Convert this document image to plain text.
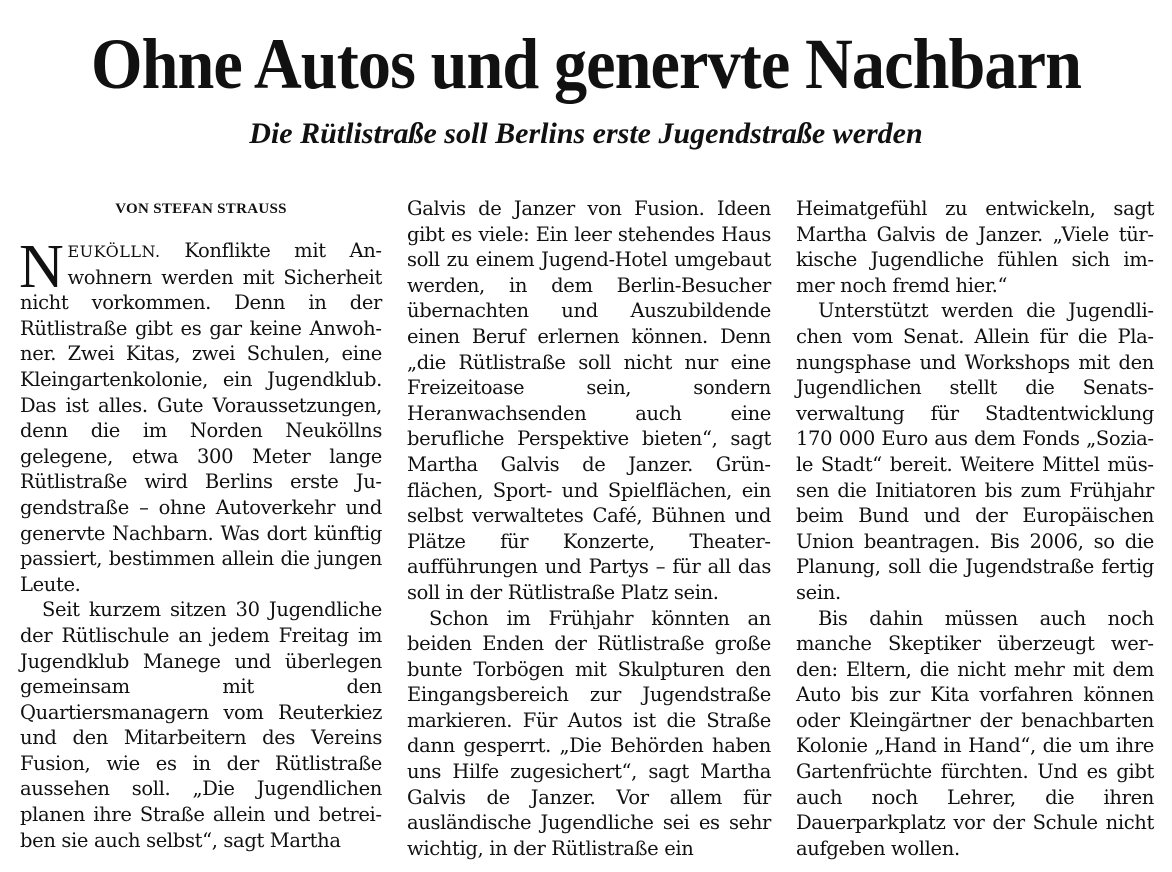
Ohne Autos und genervte Nachbarn
Die Rütlistraße soll Berlins erste Jugendstraße werden
VON STEFAN STRAUSS

NEUKÖLLN. Konflikte mit Anwohnern werden mit Sicherheit nicht vorkommen. Denn in der Rütlistraße gibt es gar keine Anwohner. Zwei Kitas, zwei Schulen, eine Kleingartenkolonie, ein Jugendklub. Das ist alles. Gute Voraussetzungen, denn die im Norden Neuköllns gelegene, etwa 300 Meter lange Rütlistraße wird Berlins erste Jugendstraße – ohne Autoverkehr und genervte Nachbarn. Was dort künftig passiert, bestimmen allein die jungen Leute.

Seit kurzem sitzen 30 Jugendliche der Rütlischule an jedem Freitag im Jugendklub Manege und überlegen gemeinsam mit den Quartiersmanagern vom Reuterkiez und den Mitarbeitern des Vereins Fusion, wie es in der Rütlistraße aussehen soll. „Die Jugendlichen planen ihre Straße allein und betreiben sie auch selbst“, sagt Martha

Galvis de Janzer von Fusion. Ideen gibt es viele: Ein leer stehendes Haus soll zu einem Jugend-Hotel umgebaut werden, in dem Berlin-Besucher übernachten und Auszubildende einen Beruf erlernen können. Denn „die Rütlistraße soll nicht nur eine Freizeitoase sein, sondern Heranwachsenden auch eine berufliche Perspektive bieten“, sagt Martha Galvis de Janzer. Grünflächen, Sport- und Spielflächen, ein selbst verwaltetes Café, Bühnen und Plätze für Konzerte, Theateraufführungen und Partys – für all das soll in der Rütlistraße Platz sein.

Schon im Frühjahr könnten an beiden Enden der Rütlistraße große bunte Torbögen mit Skulpturen den Eingangsbereich zur Jugendstraße markieren. Für Autos ist die Straße dann gesperrt. „Die Behörden haben uns Hilfe zugesichert“, sagt Martha Galvis de Janzer. Vor allem für ausländische Jugendliche sei es sehr wichtig, in der Rütlistraße ein

Heimatgefühl zu entwickeln, sagt Martha Galvis de Janzer. „Viele türkische Jugendliche fühlen sich immer noch fremd hier.“

Unterstützt werden die Jugendlichen vom Senat. Allein für die Planungsphase und Workshops mit den Jugendlichen stellt die Senatsverwaltung für Stadtentwicklung 170 000 Euro aus dem Fonds „Soziale Stadt“ bereit. Weitere Mittel müssen die Initiatoren bis zum Frühjahr beim Bund und der Europäischen Union beantragen. Bis 2006, so die Planung, soll die Jugendstraße fertig sein.

Bis dahin müssen auch noch manche Skeptiker überzeugt werden: Eltern, die nicht mehr mit dem Auto bis zur Kita vorfahren können oder Kleingärtner der benachbarten Kolonie „Hand in Hand“, die um ihre Gartenfrüchte fürchten. Und es gibt auch noch Lehrer, die ihren Dauerparkplatz vor der Schule nicht aufgeben wollen.
